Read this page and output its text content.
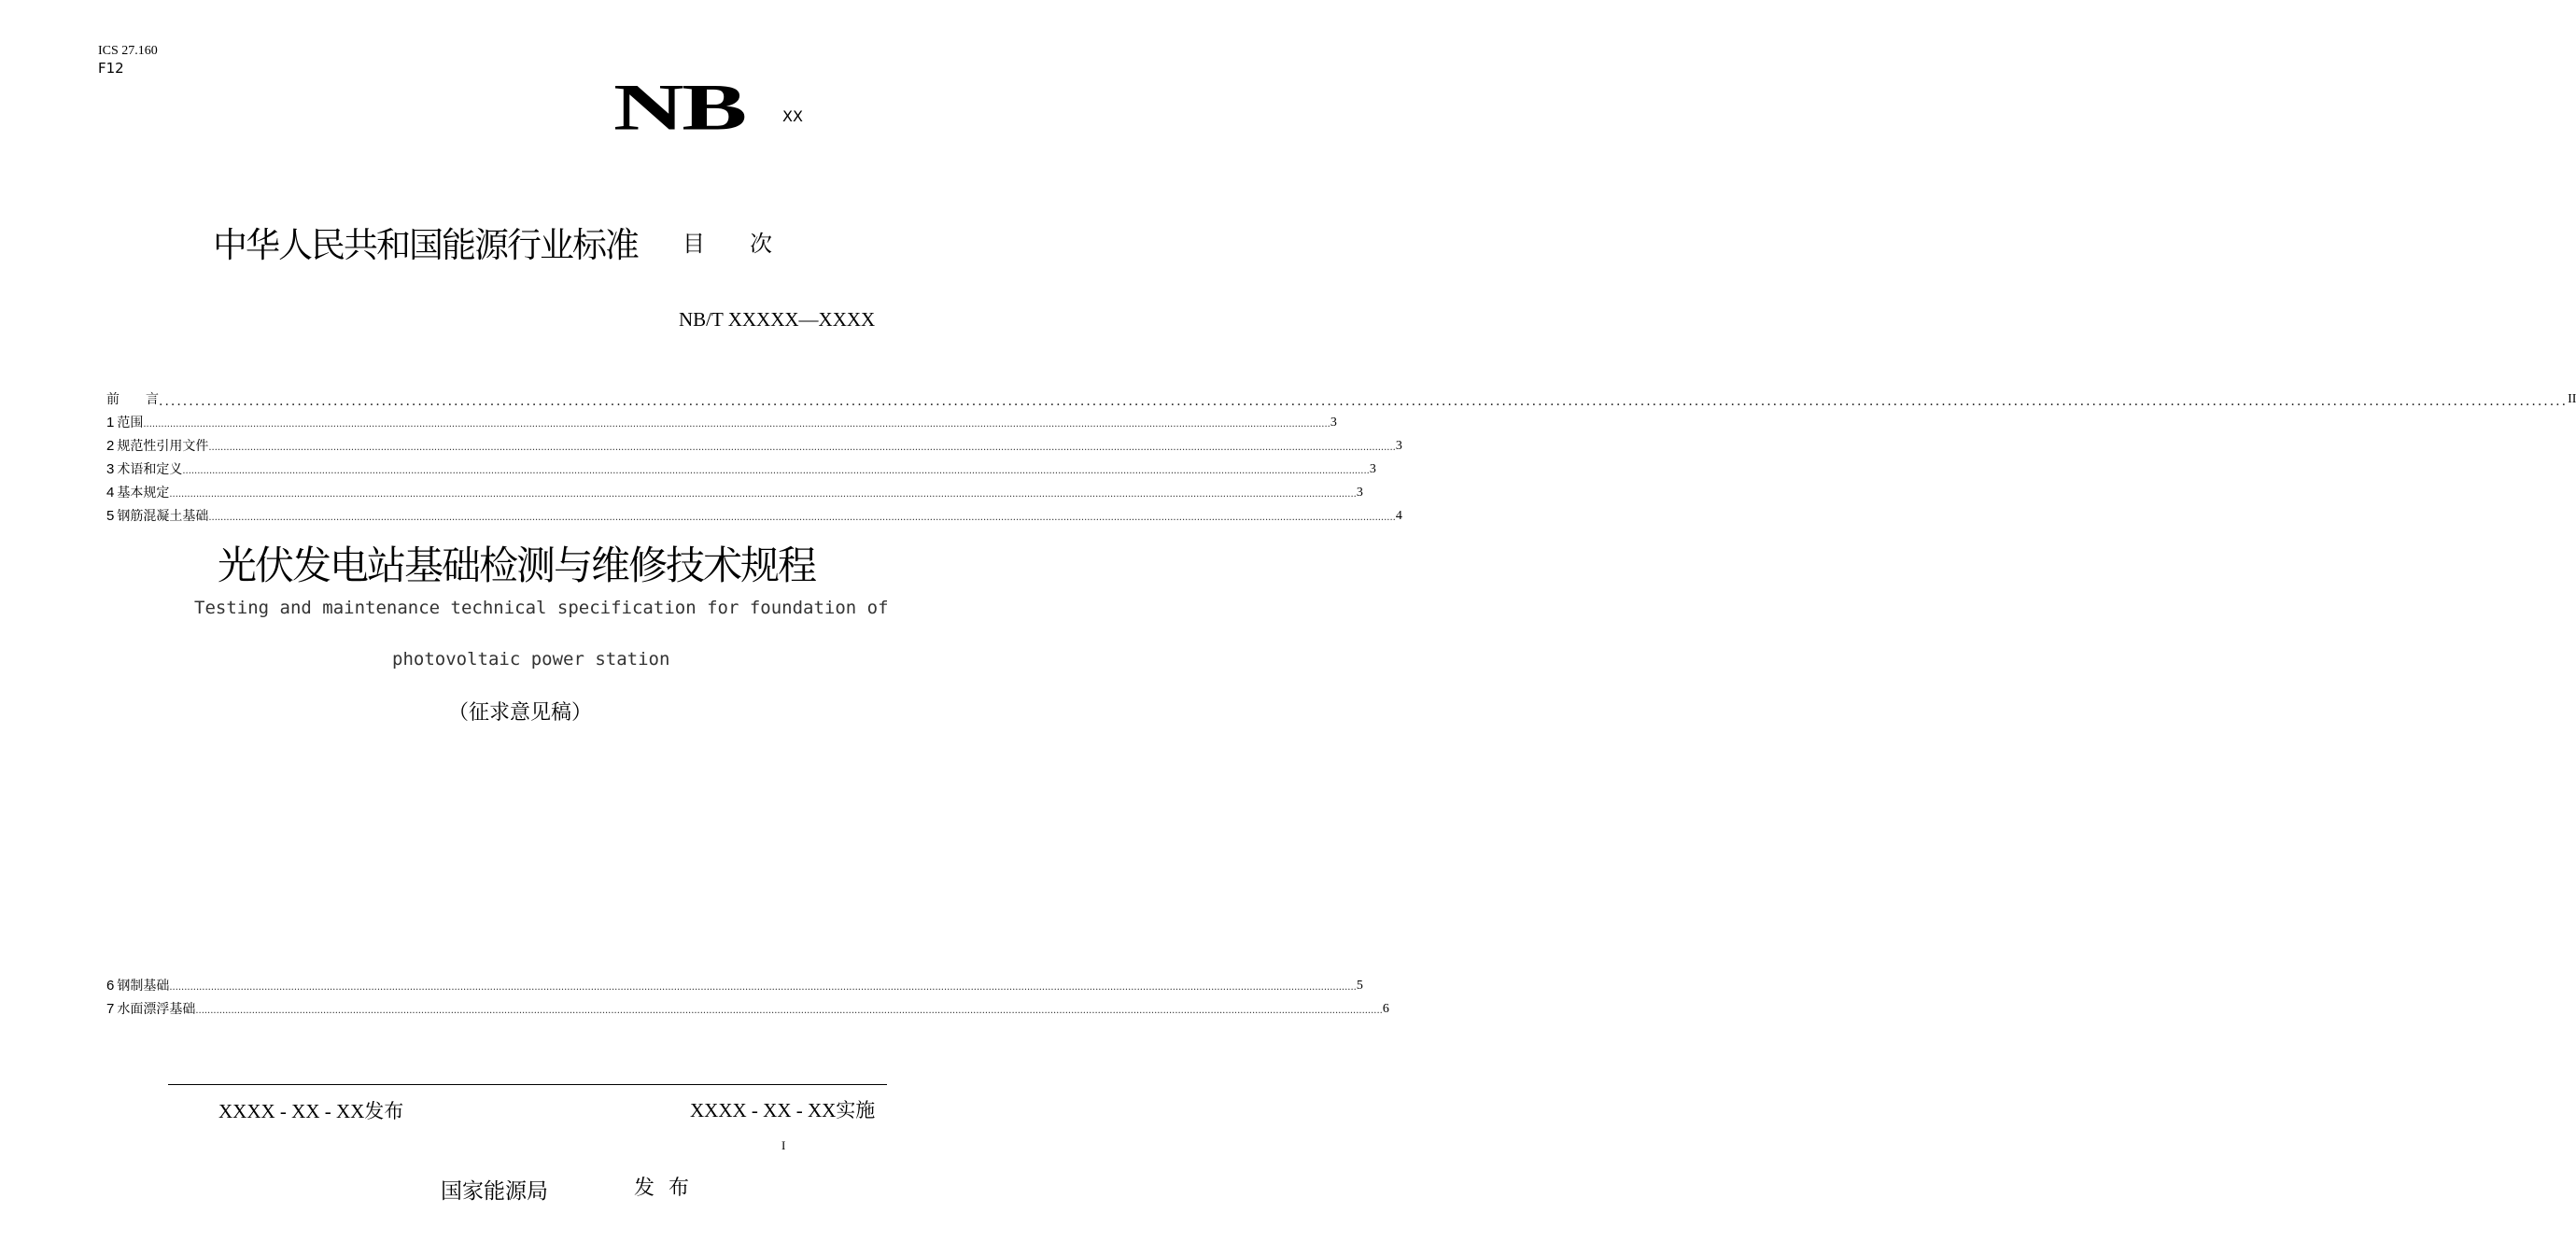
ICS 27.160
F12
NB	XX
中华人民共和国能源行业标准 目 次
NB/T XXXXX—XXXX
前　　言 ................................................................................................................................................................................................................................................................................................................................................................................................................ II
1 范围 ................................................................................................................................................................................................................................................................................................................................................................................................................ 3
2 规范性引用文件 ................................................................................................................................................................................................................................................................................................................................................................................................................ 3
3 术语和定义 ................................................................................................................................................................................................................................................................................................................................................................................................................ 3
4 基本规定 ................................................................................................................................................................................................................................................................................................................................................................................................................ 3
5 钢筋混凝土基础 ................................................................................................................................................................................................................................................................................................................................................................................................................ 4
6 钢制基础 ................................................................................................................................................................................................................................................................................................................................................................................................................ 5
7 水面漂浮基础 ................................................................................................................................................................................................................................................................................................................................................................................................................ 6
光伏发电站基础检测与维修技术规程
Testing and maintenance technical specification for foundation of
photovoltaic power station
（征求意见稿）
XXXX - XX - XX发布	XXXX - XX - XX实施
I
国家能源局	发 布
